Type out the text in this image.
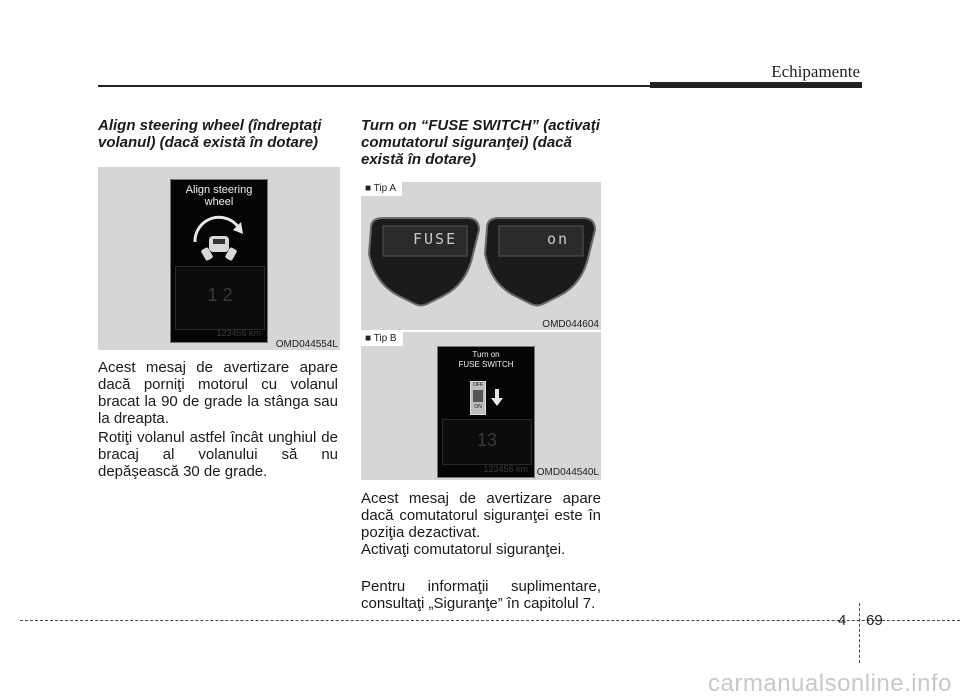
Echipamente
Align steering wheel (îndreptaţi volanul) (dacă există în dotare)
Align steering
wheel
1 2
123456 km
OMD044554L
Acest mesaj de avertizare apare dacă porniţi motorul cu volanul bracat la 90 de grade la stânga sau la dreapta.
Rotiţi volanul astfel încât unghiul de bracaj al volanului să nu depăşească 30 de grade.
Turn on “FUSE SWITCH” (activaţi comutatorul siguranţei) (dacă există în dotare)
■ Tip A
FUSE	on
OMD044604
■ Tip B
Turn on
FUSE SWITCH
OFF
ON
13
123456 km OMD044540L
Acest mesaj de avertizare apare dacă comutatorul siguranţei este în poziţia dezactivat.
Activaţi comutatorul siguranţei.
Pentru informaţii suplimentare, consultaţi „Siguranţe” în capitolul 7.
4 69
carmanualsonline.info
